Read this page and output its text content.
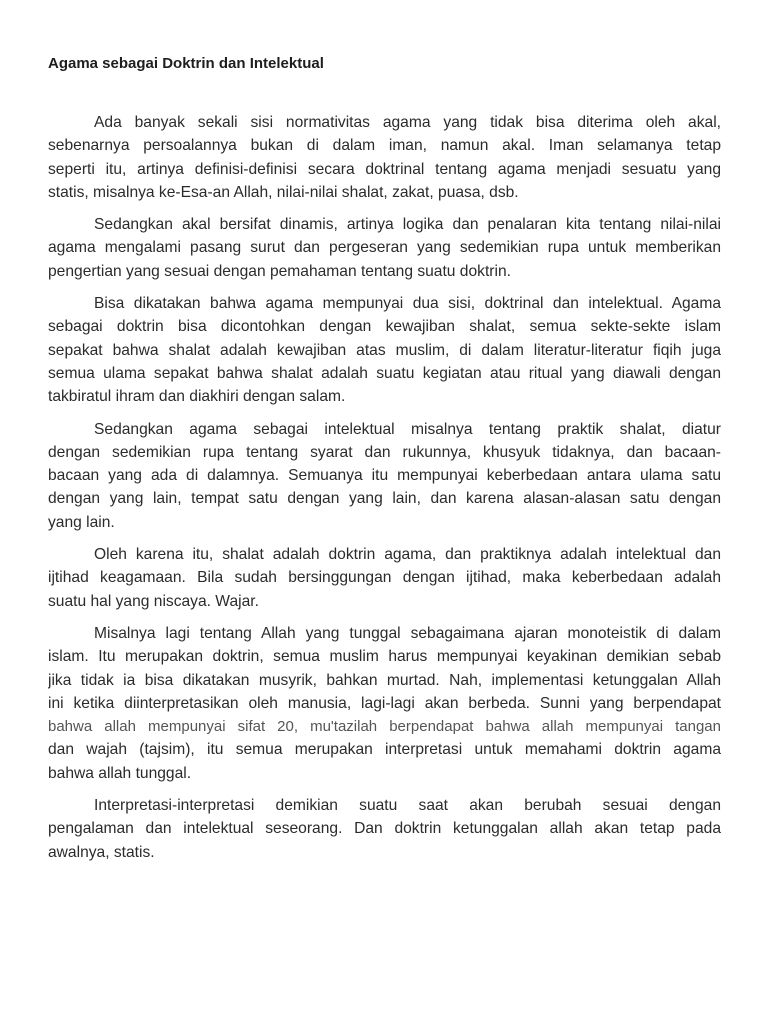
Agama sebagai Doktrin dan Intelektual
Ada banyak sekali sisi normativitas agama yang tidak bisa diterima oleh akal,
sebenarnya persoalannya bukan di dalam iman, namun akal. Iman selamanya tetap
seperti itu, artinya definisi-definisi secara doktrinal tentang agama menjadi sesuatu yang
statis, misalnya ke-Esa-an Allah, nilai-nilai shalat, zakat, puasa, dsb.
Sedangkan akal bersifat dinamis, artinya logika dan penalaran kita tentang nilai-nilai
agama mengalami pasang surut dan pergeseran yang sedemikian rupa untuk memberikan
pengertian yang sesuai dengan pemahaman tentang suatu doktrin.
Bisa dikatakan bahwa agama mempunyai dua sisi, doktrinal dan intelektual. Agama
sebagai doktrin bisa dicontohkan dengan kewajiban shalat, semua sekte-sekte islam
sepakat bahwa shalat adalah kewajiban atas muslim, di dalam literatur-literatur fiqih juga
semua ulama sepakat bahwa shalat adalah suatu kegiatan atau ritual yang diawali dengan
takbiratul ihram dan diakhiri dengan salam.
Sedangkan agama sebagai intelektual misalnya tentang praktik shalat, diatur
dengan sedemikian rupa tentang syarat dan rukunnya, khusyuk tidaknya, dan bacaan-
bacaan yang ada di dalamnya. Semuanya itu mempunyai keberbedaan antara ulama satu
dengan yang lain, tempat satu dengan yang lain, dan karena alasan-alasan satu dengan
yang lain.
Oleh karena itu, shalat adalah doktrin agama, dan praktiknya adalah intelektual dan
ijtihad keagamaan. Bila sudah bersinggungan dengan ijtihad, maka keberbedaan adalah
suatu hal yang niscaya. Wajar.
Misalnya lagi tentang Allah yang tunggal sebagaimana ajaran monoteistik di dalam
islam. Itu merupakan doktrin, semua muslim harus mempunyai keyakinan demikian sebab
jika tidak ia bisa dikatakan musyrik, bahkan murtad. Nah, implementasi ketunggalan Allah
ini ketika diinterpretasikan oleh manusia, lagi-lagi akan berbeda. Sunni yang berpendapat
bahwa allah mempunyai sifat 20, mu'tazilah berpendapat bahwa allah mempunyai tangan
dan wajah (tajsim), itu semua merupakan interpretasi untuk memahami doktrin agama
bahwa allah tunggal.
Interpretasi-interpretasi demikian suatu saat akan berubah sesuai dengan
pengalaman dan intelektual seseorang. Dan doktrin ketunggalan allah akan tetap pada
awalnya, statis.
